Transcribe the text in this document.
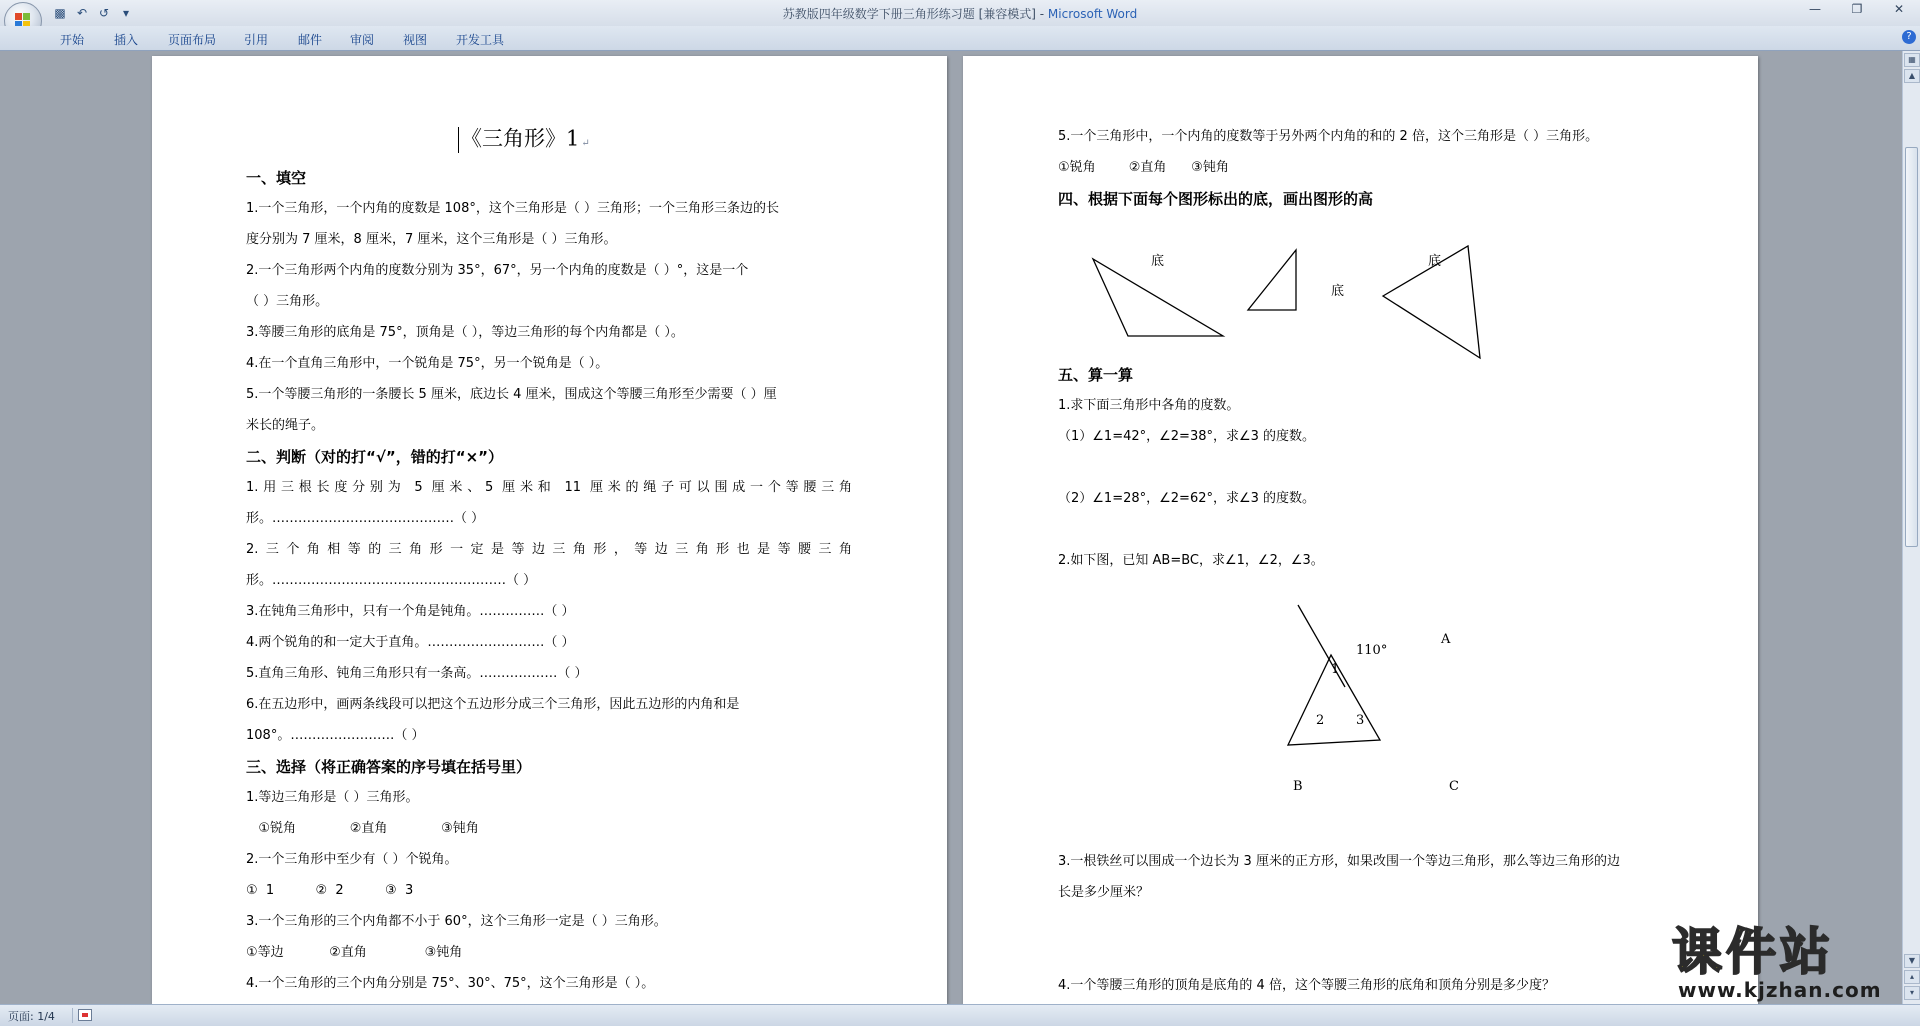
▩ ↶ ↺	▾	苏教版四年级数学下册三角形练习题 [兼容模式] - Microsoft Word	—	❐	✕
开始 插入 页面布局 引用 邮件 审阅 视图 开发工具	?
《三角形》1 ↵
一、填空
1.一个三角形，一个内角的度数是 108°，这个三角形是（ ）三角形；一个三角形三条边的长
度分别为 7 厘米，8 厘米，7 厘米，这个三角形是（ ）三角形。
2.一个三角形两个内角的度数分别为 35°，67°，另一个内角的度数是（ ）°，这是一个
（ ）三角形。
3.等腰三角形的底角是 75°，顶角是（ ），等边三角形的每个内角都是（ ）。
4.在一个直角三角形中，一个锐角是 75°，另一个锐角是（ ）。
5.一个等腰三角形的一条腰长 5 厘米，底边长 4 厘米，围成这个等腰三角形至少需要（ ）厘
米长的绳子。
二、判断（对的打“√”，错的打“×”）
1.用三根长度分别为 5 厘米、5 厘米和 11 厘米的绳子可以围成一个等腰三角
形。……………………………………（ ）
2.三个角相等的三角形一定是等边三角形，等边三角形也是等腰三角
形。………………………………………………（ ）
3.在钝角三角形中，只有一个角是钝角。……………（ ）
4.两个锐角的和一定大于直角。………………………（ ）
5.直角三角形、钝角三角形只有一条高。………………（ ）
6.在五边形中，画两条线段可以把这个五边形分成三个三角形，因此五边形的内角和是
108°。……………………（ ）
三、选择（将正确答案的序号填在括号里）
1.等边三角形是（ ）三角形。
①锐角             ②直角             ③钝角
2.一个三角形中至少有（ ）个锐角。
①  1          ②  2          ③  3
3.一个三角形的三个内角都不小于 60°，这个三角形一定是（ ）三角形。
①等边           ②直角              ③钝角
4.一个三角形的三个内角分别是 75°、30°、75°，这个三角形是（ ）。
5.一个三角形中，一个内角的度数等于另外两个内角的和的 2 倍，这个三角形是（ ）三角形。
①锐角        ②直角      ③钝角
四、根据下面每个图形标出的底，画出图形的高
底
底
底
五、算一算
1.求下面三角形中各角的度数。
（1）∠1=42°，∠2=38°，求∠3 的度数。
（2）∠1=28°，∠2=62°，求∠3 的度数。
2.如下图，已知 AB=BC，求∠1，∠2，∠3。
110°
A
1
2 3
B	C
3.一根铁丝可以围成一个边长为 3 厘米的正方形，如果改围一个等边三角形，那么等边三角形的边
长是多少厘米？
4.一个等腰三角形的顶角是底角的 4 倍，这个等腰三角形的底角和顶角分别是多少度？
▦
▲
▼
▴
▾
页面: 1/4
课件站
www.kjzhan.com
